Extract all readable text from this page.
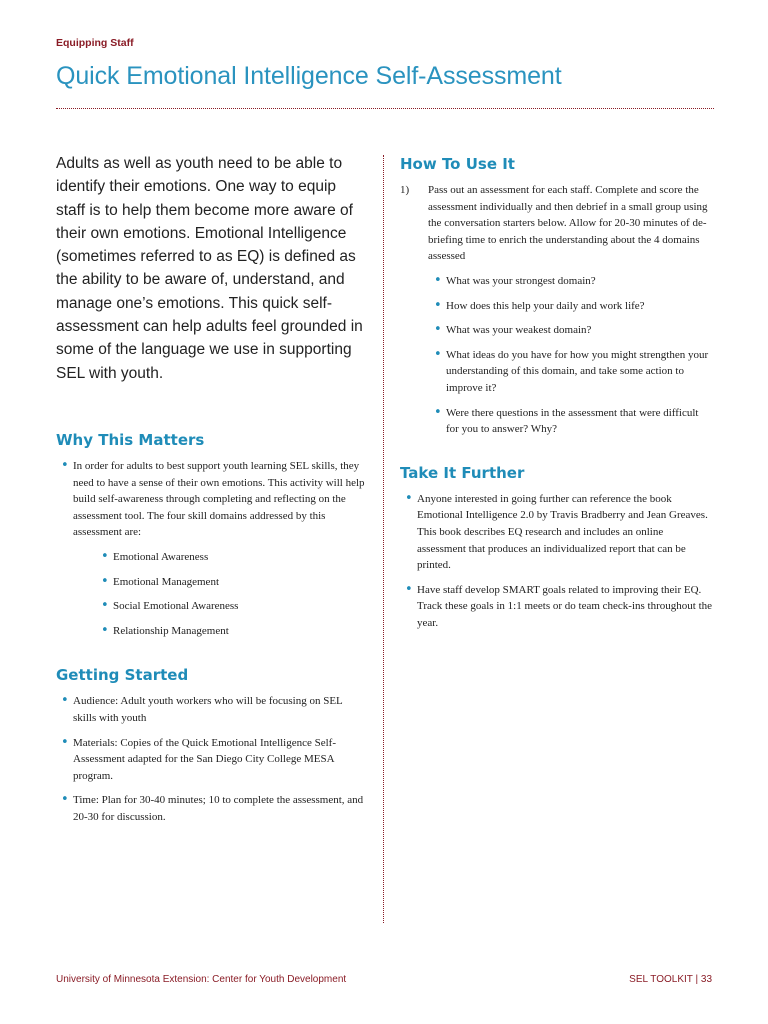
Equipping Staff
Quick Emotional Intelligence Self-Assessment

Adults as well as youth need to be able to identify their emotions. One way to equip staff is to help them become more aware of their own emotions. Emotional Intelligence (sometimes referred to as EQ) is defined as the ability to be aware of, understand, and manage one’s emotions. This quick self-assessment can help adults feel grounded in some of the language we use in supporting SEL with youth.

Why This Matters
• In order for adults to best support youth learning SEL skills, they need to have a sense of their own emotions. This activity will help build self-awareness through completing and reflecting on the assessment tool. The four skill domains addressed by this assessment are:
• Emotional Awareness
• Emotional Management
• Social Emotional Awareness
• Relationship Management
Getting Started
• Audience: Adult youth workers who will be focusing on SEL skills with youth
• Materials: Copies of the Quick Emotional Intelligence Self-Assessment adapted for the San Diego City College MESA program.
• Time: Plan for 30-40 minutes; 10 to complete the assessment, and 20-30 for discussion.
How To Use It
1) Pass out an assessment for each staff. Complete and score the assessment individually and then debrief in a small group using the conversation starters below. Allow for 20-30 minutes of de-briefing time to enrich the understanding about the 4 domains assessed
• What was your strongest domain?
• How does this help your daily and work life?
• What was your weakest domain?
• What ideas do you have for how you might strengthen your understanding of this domain, and take some action to improve it?
• Were there questions in the assessment that were difficult for you to answer? Why?
Take It Further
• Anyone interested in going further can reference the book Emotional Intelligence 2.0 by Travis Bradberry and Jean Greaves. This book describes EQ research and includes an online assessment that produces an individualized report that can be printed.
• Have staff develop SMART goals related to improving their EQ. Track these goals in 1:1 meets or do team check-ins throughout the year.
University of Minnesota Extension: Center for Youth Development	SEL TOOLKIT | 33
